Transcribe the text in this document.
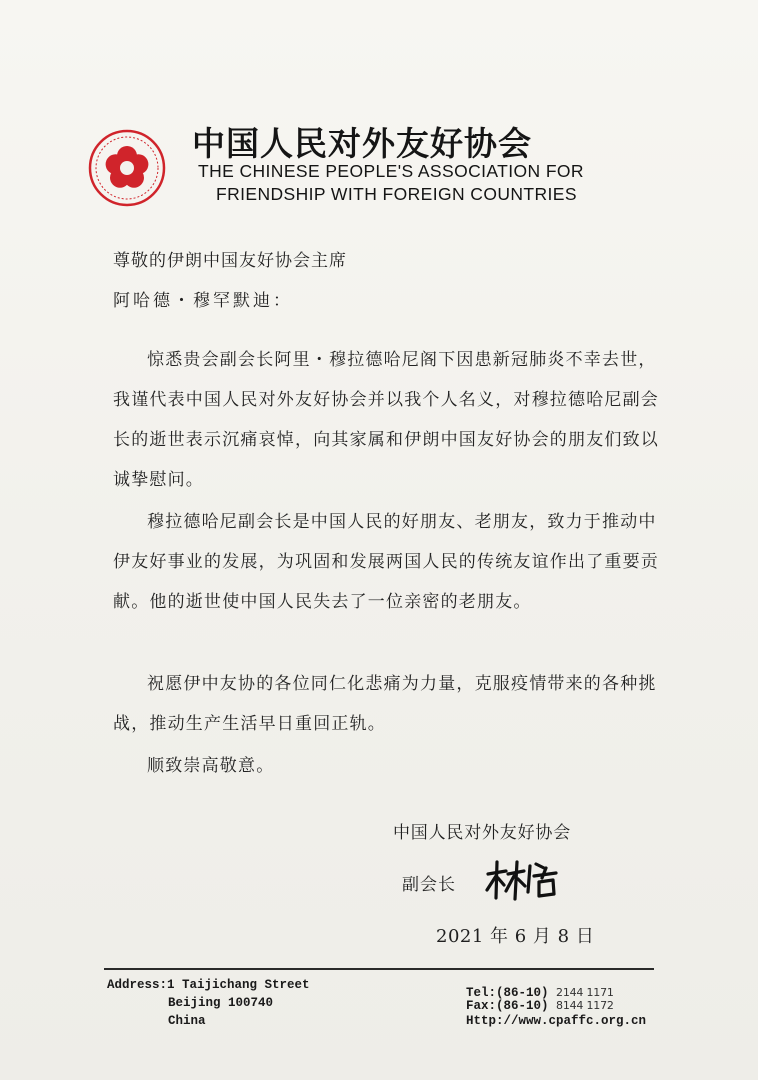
中国人民对外友好协会
THE CHINESE PEOPLE'S ASSOCIATION FOR
FRIENDSHIP WITH FOREIGN COUNTRIES
尊敬的伊朗中国友好协会主席
阿哈德・穆罕默迪：

惊悉贵会副会长阿里・穆拉德哈尼阁下因患新冠肺炎不幸去世，我谨代表中国人民对外友好协会并以我个人名义，对穆拉德哈尼副会长的逝世表示沉痛哀悼，向其家属和伊朗中国友好协会的朋友们致以诚挚慰问。

穆拉德哈尼副会长是中国人民的好朋友、老朋友，致力于推动中伊友好事业的发展，为巩固和发展两国人民的传统友谊作出了重要贡献。他的逝世使中国人民失去了一位亲密的老朋友。

祝愿伊中友协的各位同仁化悲痛为力量，克服疫情带来的各种挑战，推动生产生活早日重回正轨。

顺致崇高敬意。

中国人民对外友好协会
副会长
2021 年 6 月 8 日
Address:1 Taijichang Street
Beijing 100740
China
Tel:(86-10) 2144 1171
Fax:(86-10) 8144 1172
Http://www.cpaffc.org.cn
